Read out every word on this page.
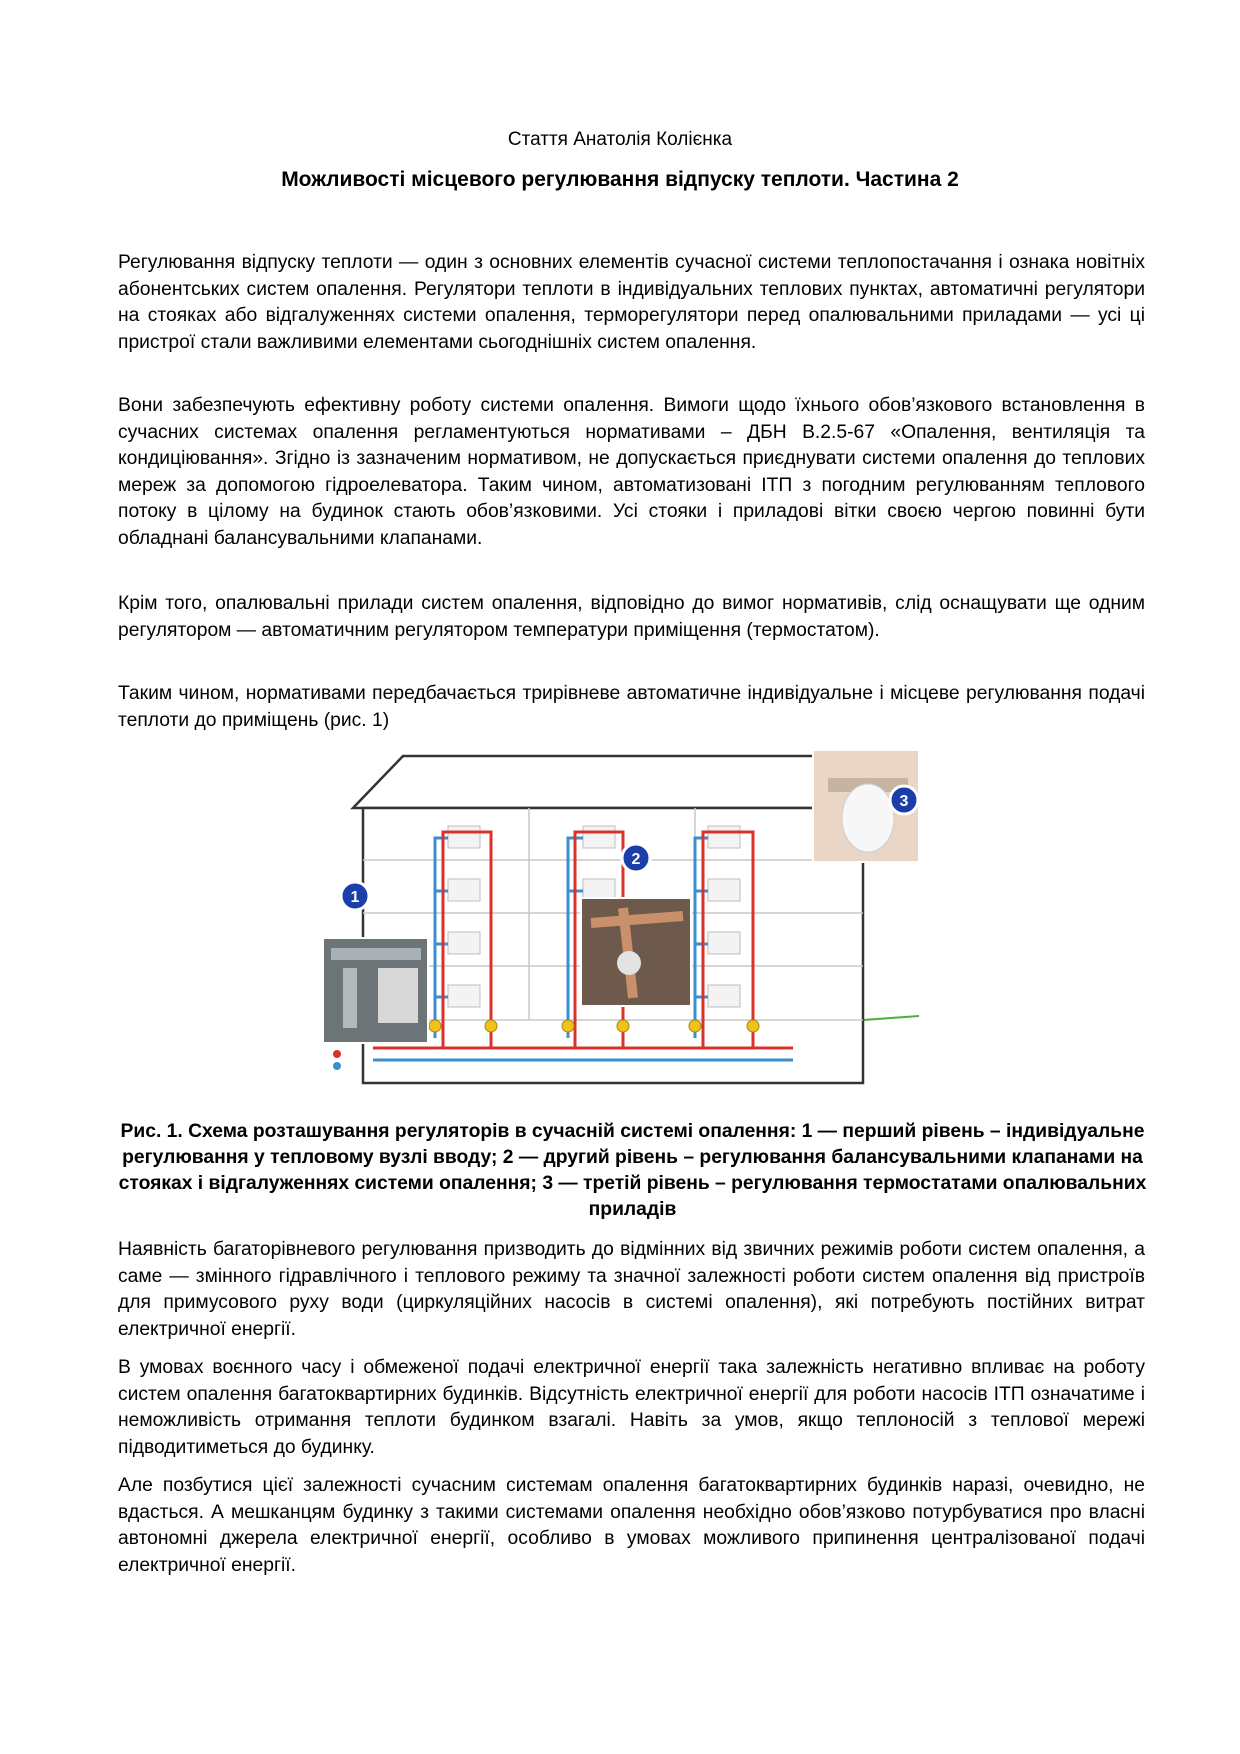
Стаття Анатолія Колієнка

Можливості місцевого регулювання відпуску теплоти. Частина 2

Регулювання відпуску теплоти — один з основних елементів сучасної системи теплопостачання і ознака новітніх абонентських систем опалення. Регулятори теплоти в індивідуальних теплових пунктах, автоматичні регулятори на стояках або відгалуженнях системи опалення, терморегулятори перед опалювальними приладами — усі ці пристрої стали важливими елементами сьогоднішніх систем опалення.

Вони забезпечують ефективну роботу системи опалення. Вимоги щодо їхнього обов’язкового встановлення в сучасних системах опалення регламентуються нормативами – ДБН В.2.5-67 «Опалення, вентиляція та кондиціювання». Згідно із зазначеним нормативом, не допускається приєднувати системи опалення до теплових мереж за допомогою гідроелеватора. Таким чином, автоматизовані ІТП з погодним регулюванням теплового потоку в цілому на будинок стають обов’язковими. Усі стояки і приладові вітки своєю чергою повинні бути обладнані балансувальними клапанами.

Крім того, опалювальні прилади систем опалення, відповідно до вимог нормативів, слід оснащувати ще одним регулятором — автоматичним регулятором температури приміщення (термостатом).

Таким чином, нормативами передбачається трирівневе автоматичне індивідуальне і місцеве регулювання подачі теплоти до приміщень (рис. 1)

1
2
3

Рис. 1. Схема розташування регуляторів в сучасній системі опалення: 1 — перший рівень – індивідуальне регулювання у тепловому вузлі вводу; 2 — другий рівень – регулювання балансувальними клапанами на стояках і відгалуженнях системи опалення; 3 — третій рівень – регулювання термостатами опалювальних приладів

Наявність багаторівневого регулювання призводить до відмінних від звичних режимів роботи систем опалення, а саме — змінного гідравлічного і теплового режиму та значної залежності роботи систем опалення від пристроїв для примусового руху води (циркуляційних насосів в системі опалення), які потребують постійних витрат електричної енергії.

В умовах воєнного часу і обмеженої подачі електричної енергії така залежність негативно впливає на роботу систем опалення багатоквартирних будинків. Відсутність електричної енергії для роботи насосів ІТП означатиме і неможливість отримання теплоти будинком взагалі. Навіть за умов, якщо теплоносій з теплової мережі підводитиметься до будинку.

Але позбутися цієї залежності сучасним системам опалення багатоквартирних будинків наразі, очевидно, не вдасться. А мешканцям будинку з такими системами опалення необхідно обов’язково потурбуватися про власні автономні джерела електричної енергії, особливо в умовах можливого припинення централізованої подачі електричної енергії.
